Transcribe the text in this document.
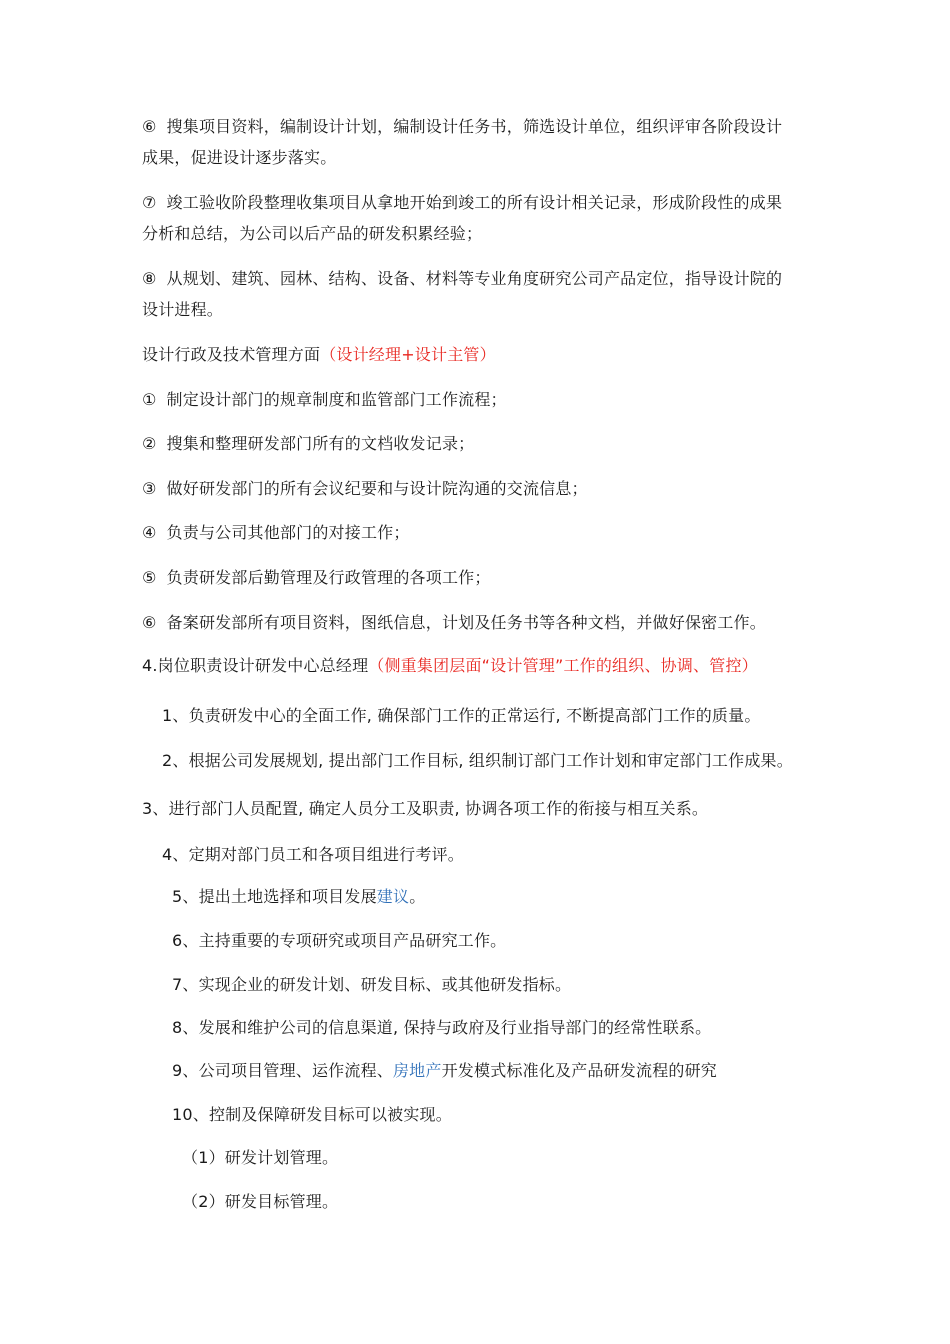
⑥ 搜集项目资料，编制设计计划，编制设计任务书，筛选设计单位，组织评审各阶段设计
成果，促进设计逐步落实。
⑦ 竣工验收阶段整理收集项目从拿地开始到竣工的所有设计相关记录，形成阶段性的成果
分析和总结，为公司以后产品的研发积累经验；
⑧ 从规划、建筑、园林、结构、设备、材料等专业角度研究公司产品定位，指导设计院的
设计进程。
设计行政及技术管理方面（设计经理+设计主管）
① 制定设计部门的规章制度和监管部门工作流程；
② 搜集和整理研发部门所有的文档收发记录；
③ 做好研发部门的所有会议纪要和与设计院沟通的交流信息；
④ 负责与公司其他部门的对接工作；
⑤ 负责研发部后勤管理及行政管理的各项工作；
⑥ 备案研发部所有项目资料，图纸信息，计划及任务书等各种文档，并做好保密工作。
4.岗位职责设计研发中心总经理（侧重集团层面“设计管理”工作的组织、协调、管控）
1、负责研发中心的全面工作, 确保部门工作的正常运行, 不断提高部门工作的质量。
2、根据公司发展规划, 提出部门工作目标, 组织制订部门工作计划和审定部门工作成果。
3、进行部门人员配置, 确定人员分工及职责, 协调各项工作的衔接与相互关系。
4、定期对部门员工和各项目组进行考评。
5、提出土地选择和项目发展建议。
6、主持重要的专项研究或项目产品研究工作。
7、实现企业的研发计划、研发目标、或其他研发指标。
8、发展和维护公司的信息渠道, 保持与政府及行业指导部门的经常性联系。
9、公司项目管理、运作流程、房地产开发模式标准化及产品研发流程的研究
10、控制及保障研发目标可以被实现。
（1）研发计划管理。
（2）研发目标管理。
